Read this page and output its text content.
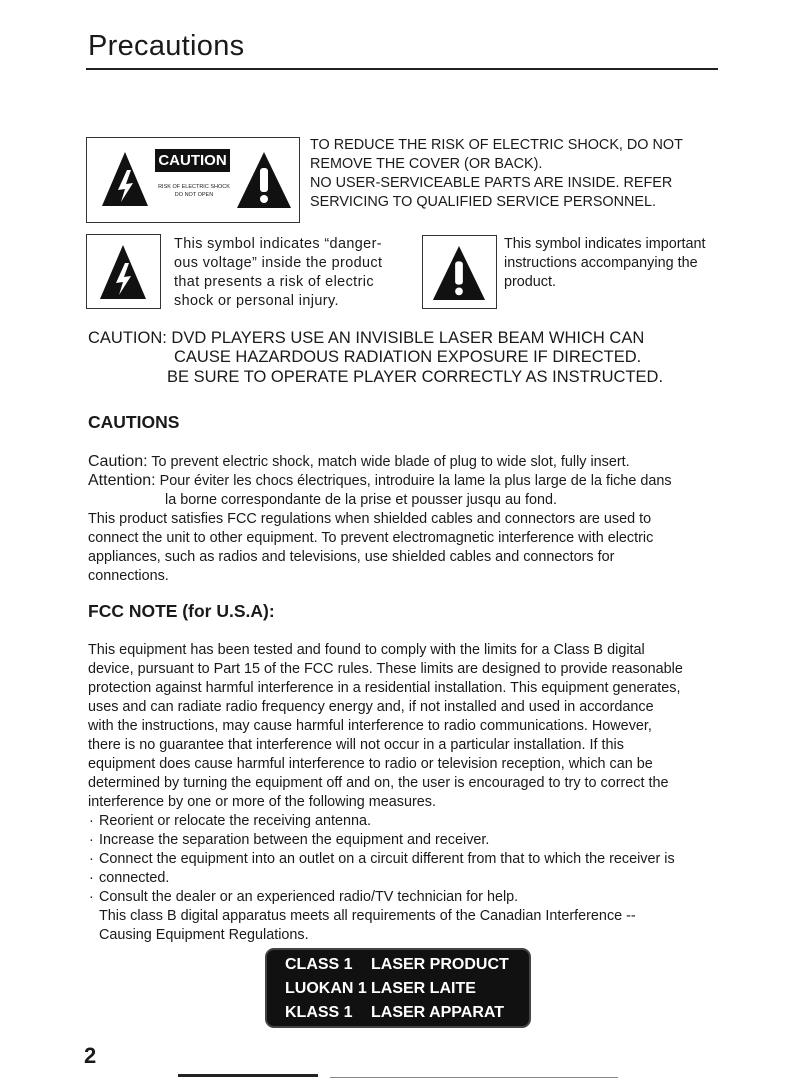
Precautions
CAUTION
RISK OF ELECTRIC SHOCK
DO NOT OPEN
TO REDUCE THE RISK OF ELECTRIC SHOCK, DO NOT
REMOVE THE COVER (OR BACK).
NO USER-SERVICEABLE PARTS ARE INSIDE. REFER
SERVICING TO QUALIFIED SERVICE PERSONNEL.
This symbol indicates “danger-
ous voltage” inside the product
that presents a risk of electric
shock or personal injury.
This symbol indicates important
instructions accompanying the
product.
CAUTION: DVD PLAYERS USE AN INVISIBLE LASER BEAM WHICH CAN
CAUSE HAZARDOUS RADIATION EXPOSURE IF DIRECTED.
BE SURE TO OPERATE PLAYER CORRECTLY AS INSTRUCTED.
CAUTIONS
Caution: To prevent electric shock, match wide blade of plug to wide slot, fully insert.
Attention: Pour éviter les chocs électriques, introduire la lame la plus large de la fiche dans
la borne correspondante de la prise et pousser jusqu au fond.
This product satisfies FCC regulations when shielded cables and connectors are used to
connect the unit to other equipment. To prevent electromagnetic interference with electric
appliances, such as radios and televisions, use shielded cables and connectors for
connections.
FCC NOTE (for U.S.A):
This equipment has been tested and found to comply with the limits for a Class B digital
device, pursuant to Part 15 of the FCC rules. These limits are designed to provide reasonable
protection against harmful interference in a residential installation. This equipment generates,
uses and can radiate radio frequency energy and, if not installed and used in accordance
with the instructions, may cause harmful interference to radio communications. However,
there is no guarantee that interference will not occur in a particular installation. If this
equipment does cause harmful interference to radio or television reception, which can be
determined by turning the equipment off and on, the user is encouraged to try to correct the
interference by one or more of the following measures.
· Reorient or relocate the receiving antenna.
· Increase the separation between the equipment and receiver.
· Connect the equipment into an outlet on a circuit different from that to which the receiver is
· connected.
· Consult the dealer or an experienced radio/TV technician for help.
This class B digital apparatus meets all requirements of the Canadian Interference --
Causing Equipment Regulations.
CLASS 1 LASER PRODUCT
LUOKAN 1 LASER LAITE
KLASS 1 LASER APPARAT
2
